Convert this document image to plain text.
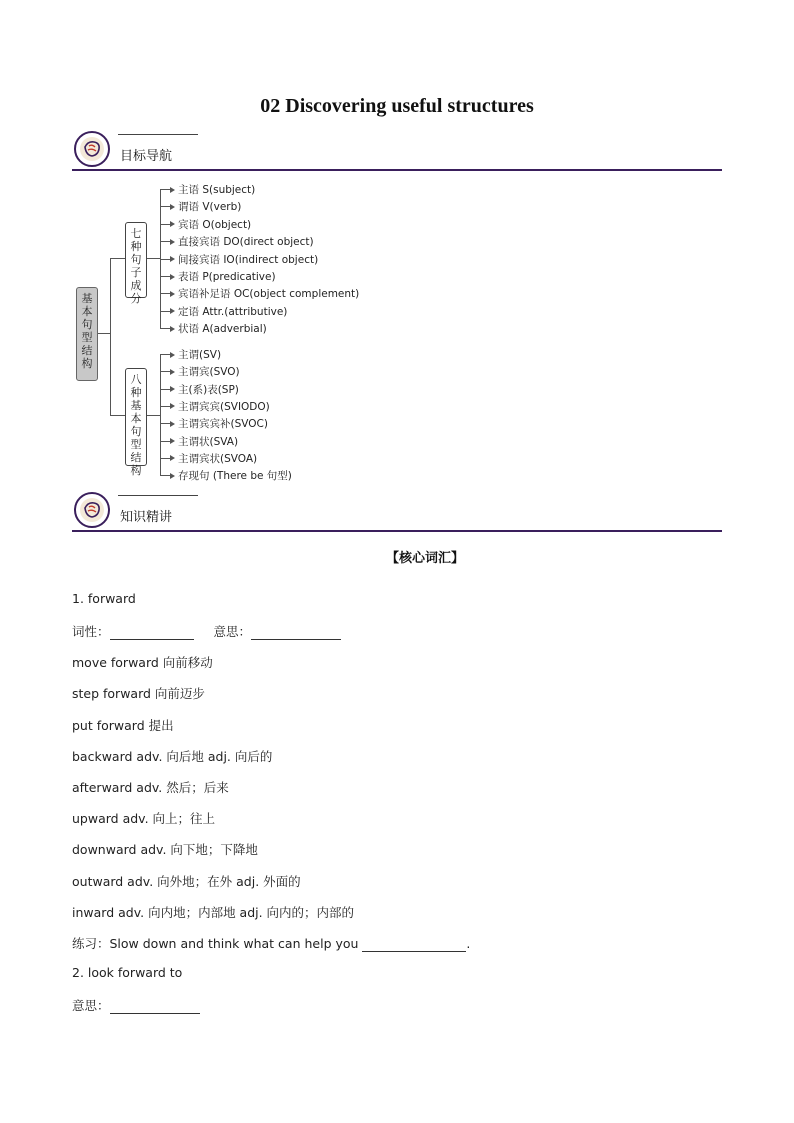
02 Discovering useful structures
目标导航
基
本
句
型
结
构
七
种
句
子
成
分
八
种
基
本
句
型
结
构
主语 S(subject)
谓语 V(verb)
宾语 O(object)
直接宾语 DO(direct object)
间接宾语 IO(indirect object)
表语 P(predicative)
宾语补足语 OC(object complement)
定语 Attr.(attributive)
状语 A(adverbial)
主谓(SV)
主谓宾(SVO)
主(系)表(SP)
主谓宾宾(SVIODO)
主谓宾宾补(SVOC)
主谓状(SVA)
主谓宾状(SVOA)
存现句 (There be 句型)
知识精讲
【核心词汇】
1. forward
词性：	意思：
move forward 向前移动
step forward 向前迈步
put forward 提出
backward adv. 向后地 adj. 向后的
afterward adv. 然后；后来
upward adv. 向上；往上
downward adv. 向下地；下降地
outward adv. 向外地；在外 adj. 外面的
inward adv. 向内地；内部地 adj. 向内的；内部的
练习：Slow down and think what can help you	.
2. look forward to
意思：
